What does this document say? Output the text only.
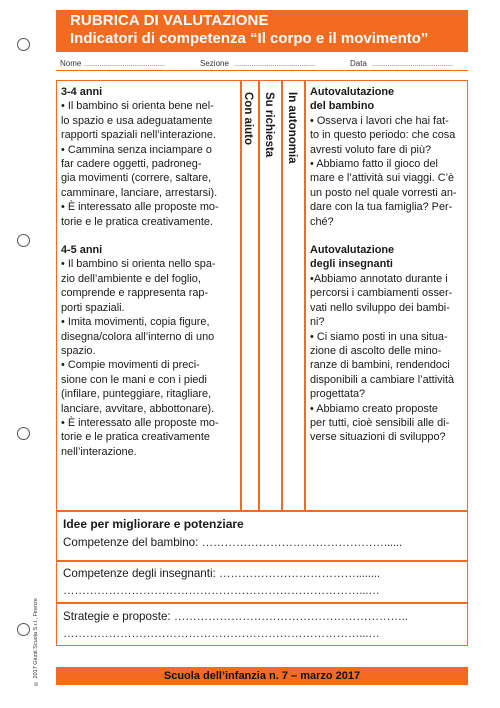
RUBRICA DI VALUTAZIONE
Indicatori di competenza “Il corpo e il movimento”
Nome ..........................................	Sezione ..........................................	Data ..........................................
3-4 anni
• Il bambino si orienta bene nel-
lo spazio e usa adeguatamente
rapporti spaziali nell’interazione.
• Cammina senza inciampare o
far cadere oggetti, padroneg-
gia movimenti (correre, saltare,
camminare, lanciare, arrestarsi).
• È interessato alle proposte mo-
torie e le pratica creativamente.
4-5 anni
• Il bambino si orienta nello spa-
zio dell’ambiente e del foglio,
comprende e rappresenta rap-
porti spaziali.
• Imita movimenti, copia figure,
disegna/colora all’interno di uno
spazio.
• Compie movimenti di preci-
sione con le mani e con i piedi
(infilare, punteggiare, ritagliare,
lanciare, avvitare, abbottonare).
• È interessato alle proposte mo-
torie e le pratica creativamente
nell’interazione.
Con aiuto Su richiesta In autonomia Autovalutazione
del bambino
• Osserva i lavori che hai fat-
to in questo periodo: che cosa
avresti voluto fare di più?
• Abbiamo fatto il gioco del
mare e l’attività sui viaggi. C’è
un posto nel quale vorresti an-
dare con la tua famiglia? Per-
ché?
Autovalutazione
degli insegnanti
•Abbiamo annotato durante i
percorsi i cambiamenti osser-
vati nello sviluppo dei bambi-
ni?
• Ci siamo posti in una situa-
zione di ascolto delle mino-
ranze di bambini, rendendoci
disponibili a cambiare l’attività
progettata?
• Abbiamo creato proposte
per tutti, cioè sensibili alle di-
verse situazioni di sviluppo?
Idee per migliorare e potenziare
Competenze del bambino: …………………………………………......
Competenze degli insegnanti: ………………………………........
……………………………………………………………………...…
Strategie e proposte: ……………………………………………………..
……………………………………………………………………...…
Scuola dell’infanzia n. 7 – marzo 2017
© 2017 Giunti Scuola S.r.l., Firenze
